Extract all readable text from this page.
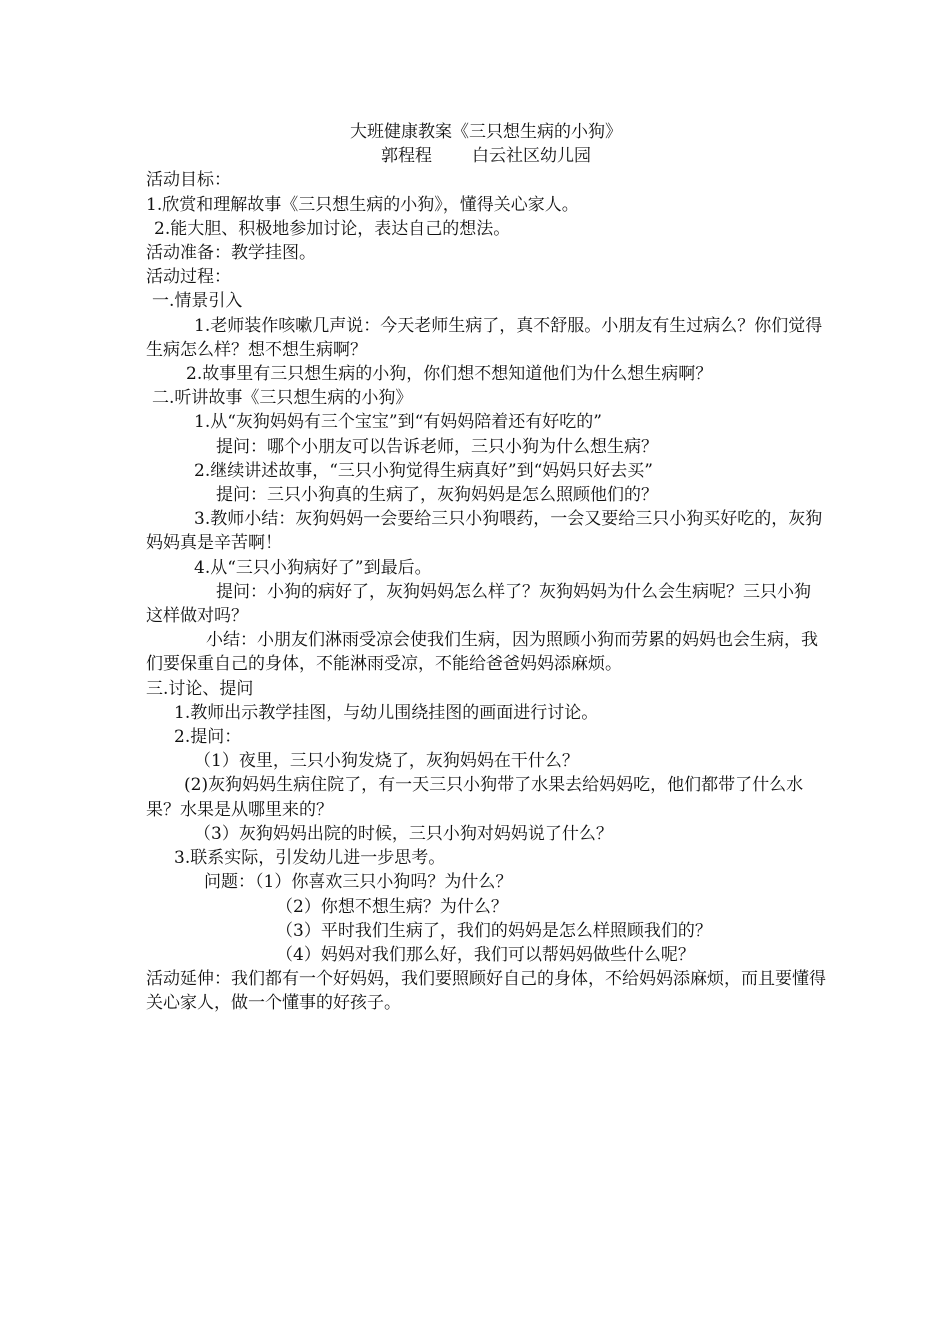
大班健康教案《三只想生病的小狗》
郭程程 白云社区幼儿园
活动目标：
1.欣赏和理解故事《三只想生病的小狗》，懂得关心家人。
2.能大胆、积极地参加讨论，表达自己的想法。
活动准备：教学挂图。
活动过程：
一.情景引入
1.老师装作咳嗽几声说：今天老师生病了，真不舒服。小朋友有生过病么？你们觉得生病怎么样？想不想生病啊？
2.故事里有三只想生病的小狗，你们想不想知道他们为什么想生病啊？
二.听讲故事《三只想生病的小狗》
1.从“灰狗妈妈有三个宝宝”到“有妈妈陪着还有好吃的”
提问：哪个小朋友可以告诉老师，三只小狗为什么想生病？
2.继续讲述故事，“三只小狗觉得生病真好”到“妈妈只好去买”
提问：三只小狗真的生病了，灰狗妈妈是怎么照顾他们的？
3.教师小结：灰狗妈妈一会要给三只小狗喂药，一会又要给三只小狗买好吃的，灰狗妈妈真是辛苦啊！
4.从“三只小狗病好了”到最后。
提问：小狗的病好了，灰狗妈妈怎么样了？灰狗妈妈为什么会生病呢？三只小狗这样做对吗？
小结：小朋友们淋雨受凉会使我们生病，因为照顾小狗而劳累的妈妈也会生病，我们要保重自己的身体，不能淋雨受凉，不能给爸爸妈妈添麻烦。
三.讨论、提问
1.教师出示教学挂图，与幼儿围绕挂图的画面进行讨论。
2.提问：
（1）夜里，三只小狗发烧了，灰狗妈妈在干什么？
(2)灰狗妈妈生病住院了，有一天三只小狗带了水果去给妈妈吃，他们都带了什么水果？水果是从哪里来的？
（3）灰狗妈妈出院的时候，三只小狗对妈妈说了什么？
3.联系实际，引发幼儿进一步思考。
问题：（1）你喜欢三只小狗吗？为什么？
（2）你想不想生病？为什么？
（3）平时我们生病了，我们的妈妈是怎么样照顾我们的？
（4）妈妈对我们那么好，我们可以帮妈妈做些什么呢？
活动延伸：我们都有一个好妈妈，我们要照顾好自己的身体，不给妈妈添麻烦，而且要懂得关心家人，做一个懂事的好孩子。
